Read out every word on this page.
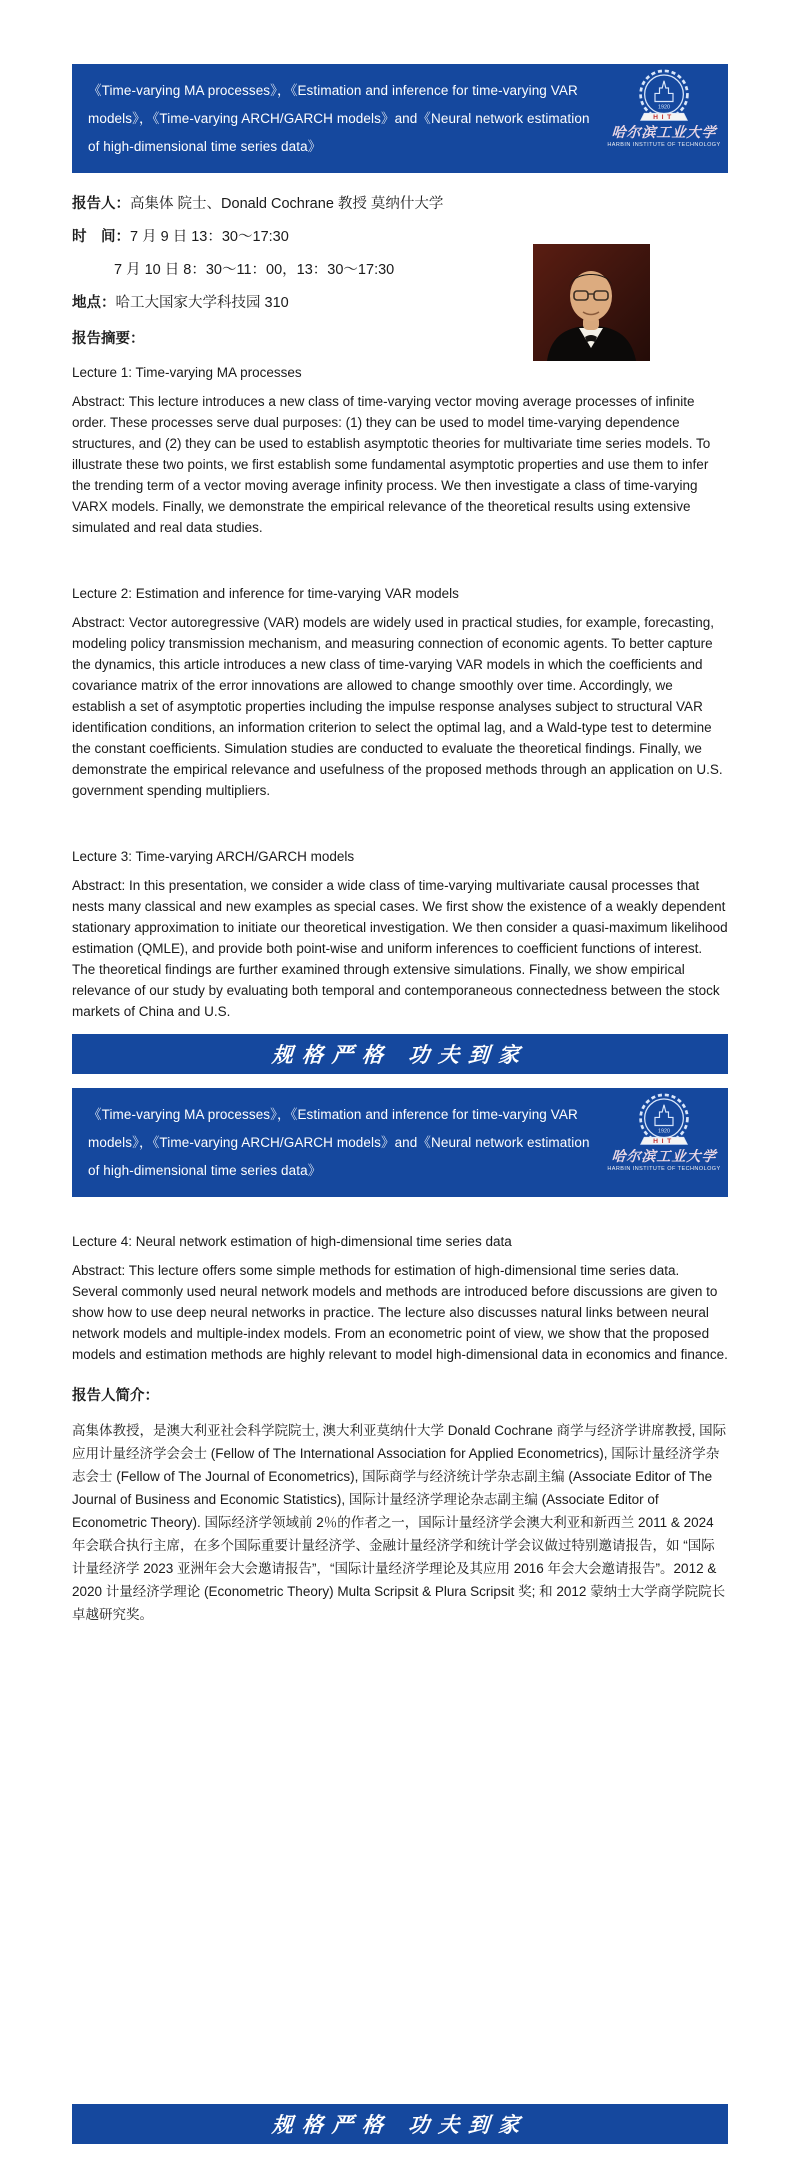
《Time-varying MA processes》，《Estimation and inference for time-varying VAR
models》，《Time-varying ARCH/GARCH models》and《Neural network estimation
of high-dimensional time series data》
1920
HIT
哈尔滨工业大学
HARBIN INSTITUTE OF TECHNOLOGY
报告人：高集体 院士、Donald Cochrane 教授 莫纳什大学
时　间：7 月 9 日 13：30～17:30
7 月 10 日 8：30～11：00，13：30～17:30
地点：哈工大国家大学科技园 310
报告摘要：
Lecture 1: Time-varying MA processes
Abstract: This lecture introduces a new class of time-varying vector moving average processes of infinite order. These processes serve dual purposes: (1) they can be used to model time-varying dependence structures, and (2) they can be used to establish asymptotic theories for multivariate time series models. To illustrate these two points, we first establish some fundamental asymptotic properties and use them to infer the trending term of a vector moving average infinity process. We then investigate a class of time-varying VARX models. Finally, we demonstrate the empirical relevance of the theoretical results using extensive simulated and real data studies.
Lecture 2: Estimation and inference for time-varying VAR models
Abstract: Vector autoregressive (VAR) models are widely used in practical studies, for example, forecasting, modeling policy transmission mechanism, and measuring connection of economic agents. To better capture the dynamics, this article introduces a new class of time-varying VAR models in which the coefficients and covariance matrix of the error innovations are allowed to change smoothly over time. Accordingly, we establish a set of asymptotic properties including the impulse response analyses subject to structural VAR identification conditions, an information criterion to select the optimal lag, and a Wald-type test to determine the constant coefficients. Simulation studies are conducted to evaluate the theoretical findings. Finally, we demonstrate the empirical relevance and usefulness of the proposed methods through an application on U.S. government spending multipliers.
Lecture 3: Time-varying ARCH/GARCH models
Abstract: In this presentation, we consider a wide class of time-varying multivariate causal processes that nests many classical and new examples as special cases. We first show the existence of a weakly dependent stationary approximation to initiate our theoretical investigation. We then consider a quasi-maximum likelihood estimation (QMLE), and provide both point-wise and uniform inferences to coefficient functions of interest. The theoretical findings are further examined through extensive simulations. Finally, we show empirical relevance of our study by evaluating both temporal and contemporaneous connectedness between the stock markets of China and U.S.
规格严格 功夫到家
《Time-varying MA processes》，《Estimation and inference for time-varying VAR
models》，《Time-varying ARCH/GARCH models》and《Neural network estimation
of high-dimensional time series data》
1920
HIT
哈尔滨工业大学
HARBIN INSTITUTE OF TECHNOLOGY
Lecture 4: Neural network estimation of high-dimensional time series data
Abstract: This lecture offers some simple methods for estimation of high-dimensional time series data. Several commonly used neural network models and methods are introduced before discussions are given to show how to use deep neural networks in practice. The lecture also discusses natural links between neural network models and multiple-index models. From an econometric point of view, we show that the proposed models and estimation methods are highly relevant to model high-dimensional data in economics and finance.
报告人简介：
高集体教授，是澳大利亚社会科学院院士, 澳大利亚莫纳什大学 Donald Cochrane 商学与经济学讲席教授, 国际应用计量经济学会会士 (Fellow of The International Association for Applied Econometrics), 国际计量经济学杂志会士 (Fellow of The Journal of Econometrics), 国际商学与经济统计学杂志副主编 (Associate Editor of The Journal of Business and Economic Statistics), 国际计量经济学理论杂志副主编 (Associate Editor of Econometric Theory). 国际经济学领域前 2％的作者之一，国际计量经济学会澳大利亚和新西兰 2011 & 2024 年会联合执行主席，在多个国际重要计量经济学、金融计量经济学和统计学会议做过特别邀请报告，如 “国际计量经济学 2023 亚洲年会大会邀请报告”，“国际计量经济学理论及其应用 2016 年会大会邀请报告”。2012 & 2020 计量经济学理论 (Econometric Theory) Multa Scripsit & Plura Scripsit 奖; 和 2012 蒙纳士大学商学院院长卓越研究奖。
规格严格 功夫到家
